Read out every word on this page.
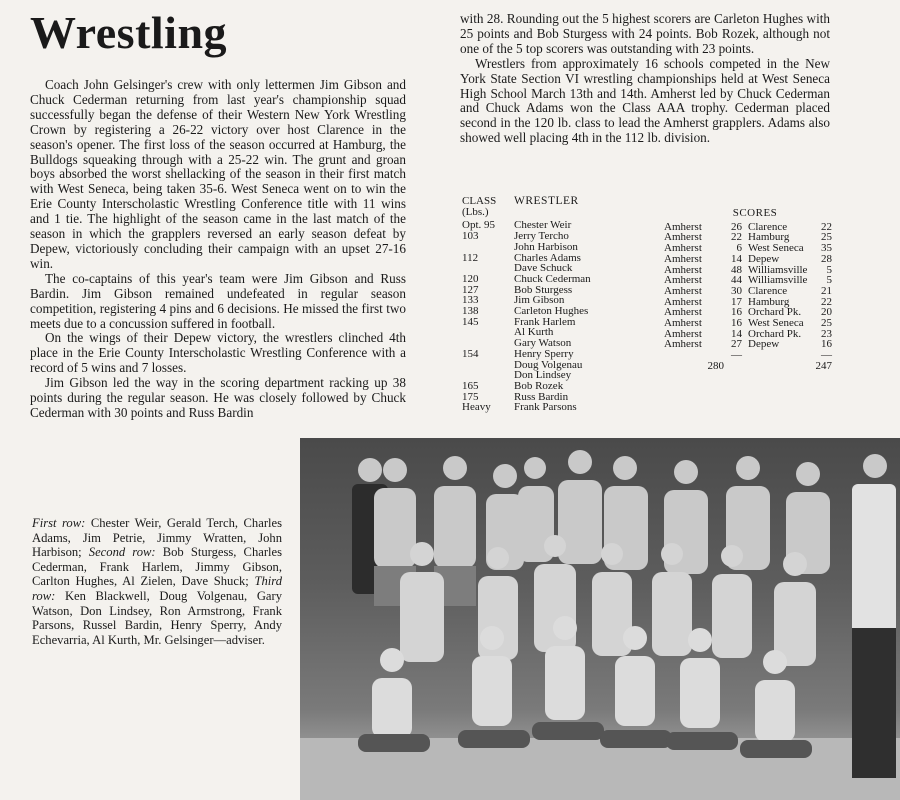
Wrestling

Coach John Gelsinger's crew with only lettermen Jim Gibson and Chuck Cederman returning from last year's championship squad successfully began the defense of their Western New York Wrestling Crown by registering a 26-22 victory over host Clarence in the season's opener. The first loss of the season occurred at Hamburg, the Bulldogs squeaking through with a 25-22 win. The grunt and groan boys absorbed the worst shellacking of the season in their first match with West Seneca, being taken 35-6. West Seneca went on to win the Erie County Interscholastic Wrestling Conference title with 11 wins and 1 tie. The highlight of the season came in the last match of the season in which the grapplers reversed an early season defeat by Depew, victoriously concluding their campaign with an upset 27-16 win.

The co-captains of this year's team were Jim Gibson and Russ Bardin. Jim Gibson remained undefeated in regular season competition, registering 4 pins and 6 decisions. He missed the first two meets due to a concussion suffered in football.

On the wings of their Depew victory, the wrestlers clinched 4th place in the Erie County Interscholastic Wrestling Conference with a record of 5 wins and 7 losses.

Jim Gibson led the way in the scoring department racking up 38 points during the regular season. He was closely followed by Chuck Cederman with 30 points and Russ Bardin

with 28. Rounding out the 5 highest scorers are Carleton Hughes with 25 points and Bob Sturgess with 24 points. Bob Rozek, although not one of the 5 top scorers was outstanding with 23 points.

Wrestlers from approximately 16 schools competed in the New York State Section VI wrestling championships held at West Seneca High School March 13th and 14th. Amherst led by Chuck Cederman and Chuck Adams won the Class AAA trophy. Cederman placed second in the 120 lb. class to lead the Amherst grapplers. Adams also showed well placing 4th in the 112 lb. division.

CLASS
(Lbs.)
WRESTLER
Opt. 95	Chester Weir
103	Jerry Tercho
John Harbison
112	Charles Adams
Dave Schuck
120	Chuck Cederman
127	Bob Sturgess
133	Jim Gibson
138	Carleton Hughes
145	Frank Harlem
Al Kurth
Gary Watson
154	Henry Sperry
Doug Volgenau
Don Lindsey
165	Bob Rozek
175	Russ Bardin
Heavy	Frank Parsons
SCORES
Amherst	26 Clarence	22
Amherst	22 Hamburg	25
Amherst	6 West Seneca	35
Amherst	14 Depew	28
Amherst	48 Williamsville	5
Amherst	44 Williamsville	5
Amherst	30 Clarence	21
Amherst	17 Hamburg	22
Amherst	16 Orchard Pk.	20
Amherst	16 West Seneca	25
Amherst	14 Orchard Pk.	23
Amherst	27 Depew	16
—	—
280	247
First row: Chester Weir, Gerald Terch, Charles Adams, Jim Petrie, Jimmy Wratten, John Harbison; Second row: Bob Sturgess, Charles Cederman, Frank Harlem, Jimmy Gibson, Carlton Hughes, Al Zielen, Dave Shuck; Third row: Ken Blackwell, Doug Volgenau, Gary Watson, Don Lindsey, Ron Armstrong, Frank Parsons, Russel Bardin, Henry Sperry, Andy Echevarria, Al Kurth, Mr. Gelsinger—adviser.
